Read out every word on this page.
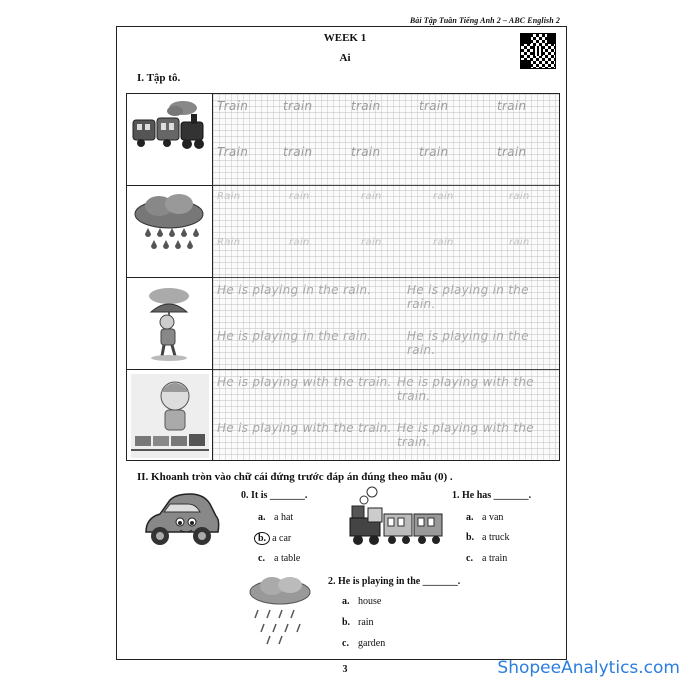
Bài Tập Tuần Tiếng Anh 2 – ABC English 2
WEEK 1
Ai
I. Tập tô.
Train	train	train	train	train
Train	train	train	train	train
Rain	rain	rain	rain	rain
Rain	rain	rain	rain	rain
He is playing in the rain.	He is playing in the rain.
He is playing in the rain.	He is playing in the rain.
He is playing with the train. He is playing with the train.
He is playing with the train. He is playing with the train.
II. Khoanh tròn vào chữ cái đứng trước đáp án đúng theo mẫu (0) .
0. It is _______.
a. a hat
b. a car
c. a table
1. He has _______.
a. a van
b. a truck
c. a train
2. He is playing in the _______.
a. house
b. rain
c. garden
3	ShopeeAnalytics.com
